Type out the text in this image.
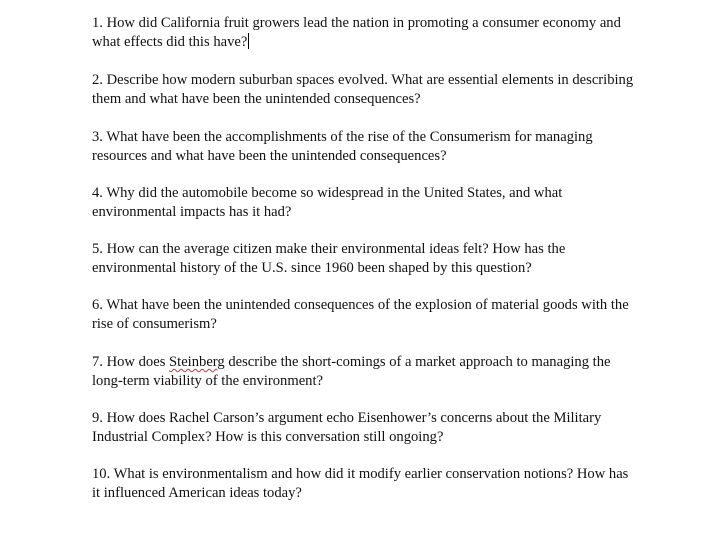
1. How did California fruit growers lead the nation in promoting a consumer economy and what effects did this have?

2. Describe how modern suburban spaces evolved. What are essential elements in describing them and what have been the unintended consequences?

3. What have been the accomplishments of the rise of the Consumerism for managing resources and what have been the unintended consequences?

4. Why did the automobile become so widespread in the United States, and what environmental impacts has it had?

5. How can the average citizen make their environmental ideas felt? How has the environmental history of the U.S. since 1960 been shaped by this question?

6. What have been the unintended consequences of the explosion of material goods with the rise of consumerism?

7. How does Steinberg describe the short-comings of a market approach to managing the long-term viability of the environment?

9. How does Rachel Carson’s argument echo Eisenhower’s concerns about the Military Industrial Complex? How is this conversation still ongoing?

10. What is environmentalism and how did it modify earlier conservation notions? How has it influenced American ideas today?
